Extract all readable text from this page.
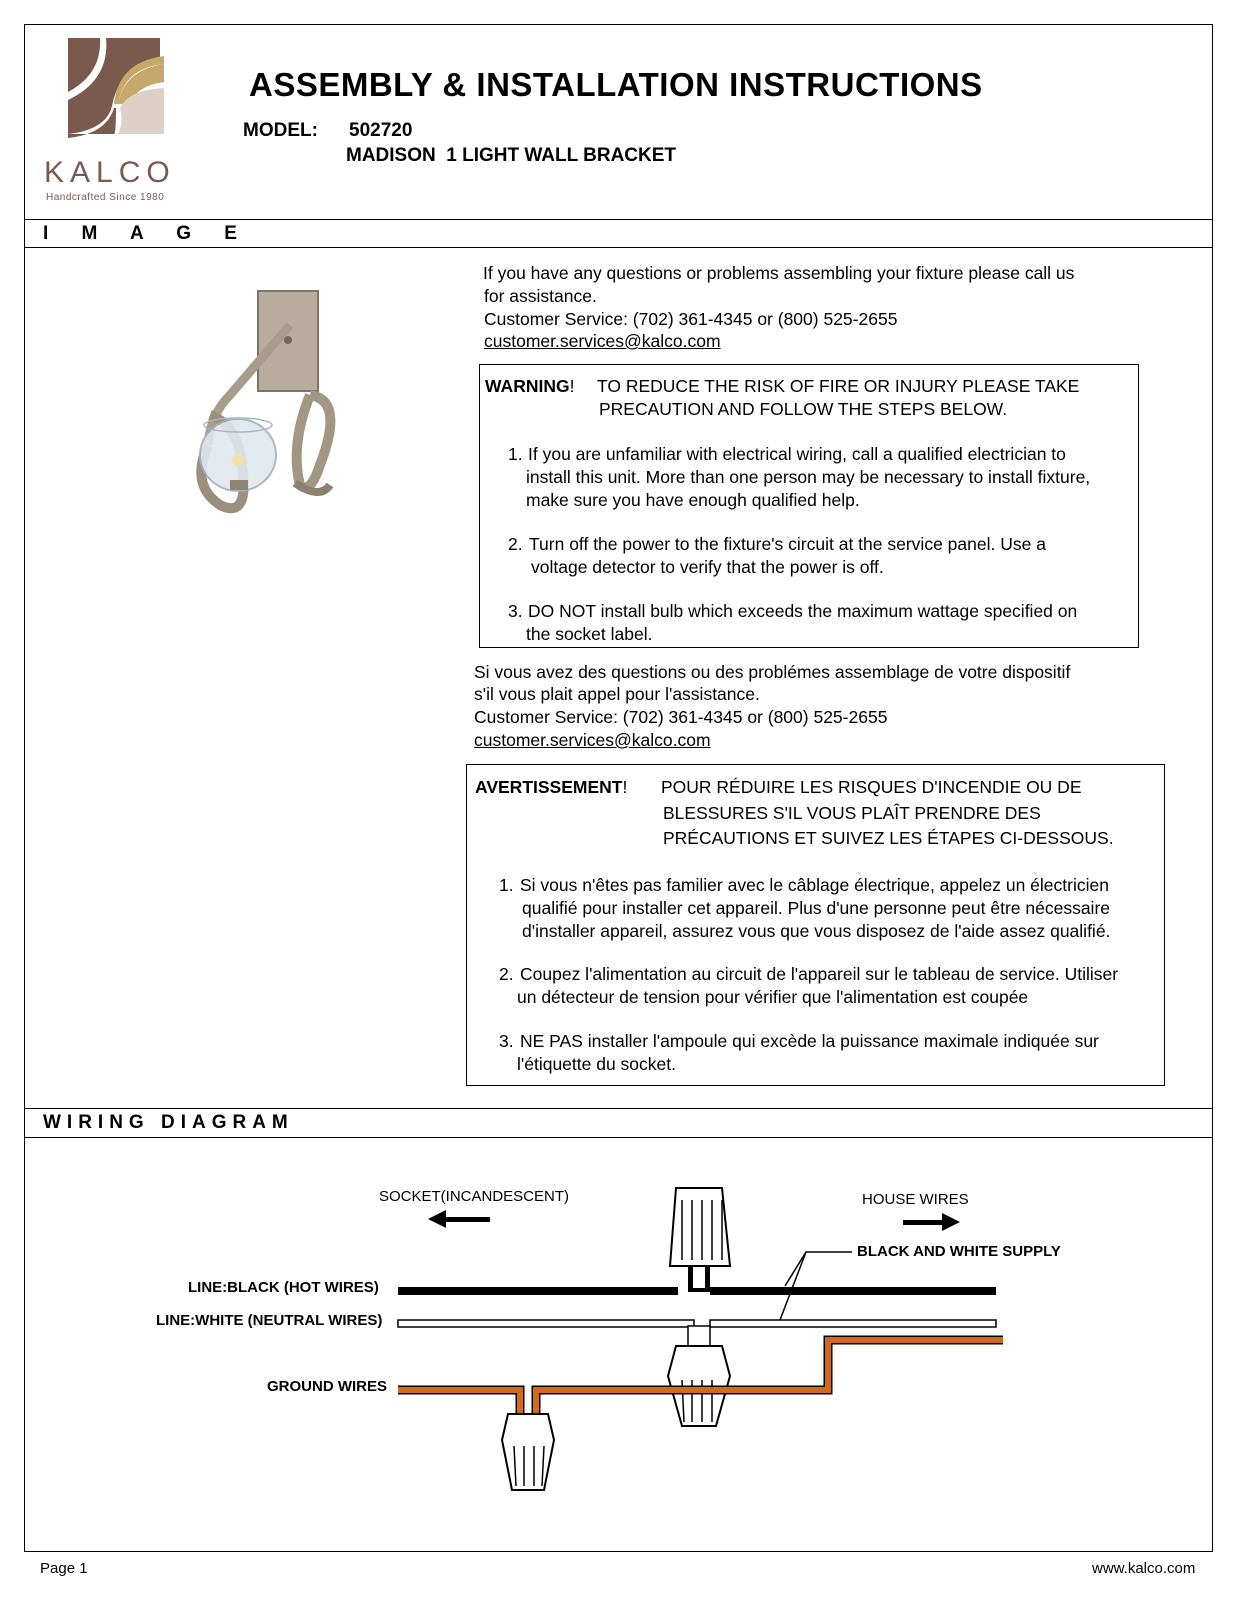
KALCO
Handcrafted Since 1980
ASSEMBLY & INSTALLATION INSTRUCTIONS
MODEL: 502720
MADISON  1 LIGHT WALL BRACKET
I M A G E
WIRING DIAGRAM
If you have any questions or problems assembling your fixture please call us
for assistance.
Customer Service: (702) 361-4345 or (800) 525-2655
customer.services@kalco.com
WARNING! TO REDUCE THE RISK OF FIRE OR INJURY PLEASE TAKE
PRECAUTION AND FOLLOW THE STEPS BELOW.
1. If you are unfamiliar with electrical wiring, call a qualified electrician to
install this unit. More than one person may be necessary to install fixture,
make sure you have enough qualified help.
2. Turn off the power to the fixture's circuit at the service panel. Use a
voltage detector to verify that the power is off.
3. DO NOT install bulb which exceeds the maximum wattage specified on
the socket label.
Si vous avez des questions ou des problémes assemblage de votre dispositif
s'il vous plait appel pour l'assistance.
Customer Service: (702) 361-4345 or (800) 525-2655
customer.services@kalco.com
AVERTISSEMENT! POUR RÉDUIRE LES RISQUES D'INCENDIE OU DE
BLESSURES S'IL VOUS PLAÎT PRENDRE DES
PRÉCAUTIONS ET SUIVEZ LES ÉTAPES CI-DESSOUS.
1. Si vous n'êtes pas familier avec le câblage électrique, appelez un électricien
qualifié pour installer cet appareil. Plus d'une personne peut être nécessaire
d'installer appareil, assurez vous que vous disposez de l'aide assez qualifié.
2. Coupez l'alimentation au circuit de l'appareil sur le tableau de service. Utiliser
un détecteur de tension pour vérifier que l'alimentation est coupée
3. NE PAS installer l'ampoule qui excède la puissance maximale indiquée sur
l'étiquette du socket.
SOCKET(INCANDESCENT)	HOUSE WIRES
BLACK AND WHITE SUPPLY
LINE:BLACK (HOT WIRES)
LINE:WHITE (NEUTRAL WIRES)
GROUND WIRES
Page 1	www.kalco.com
